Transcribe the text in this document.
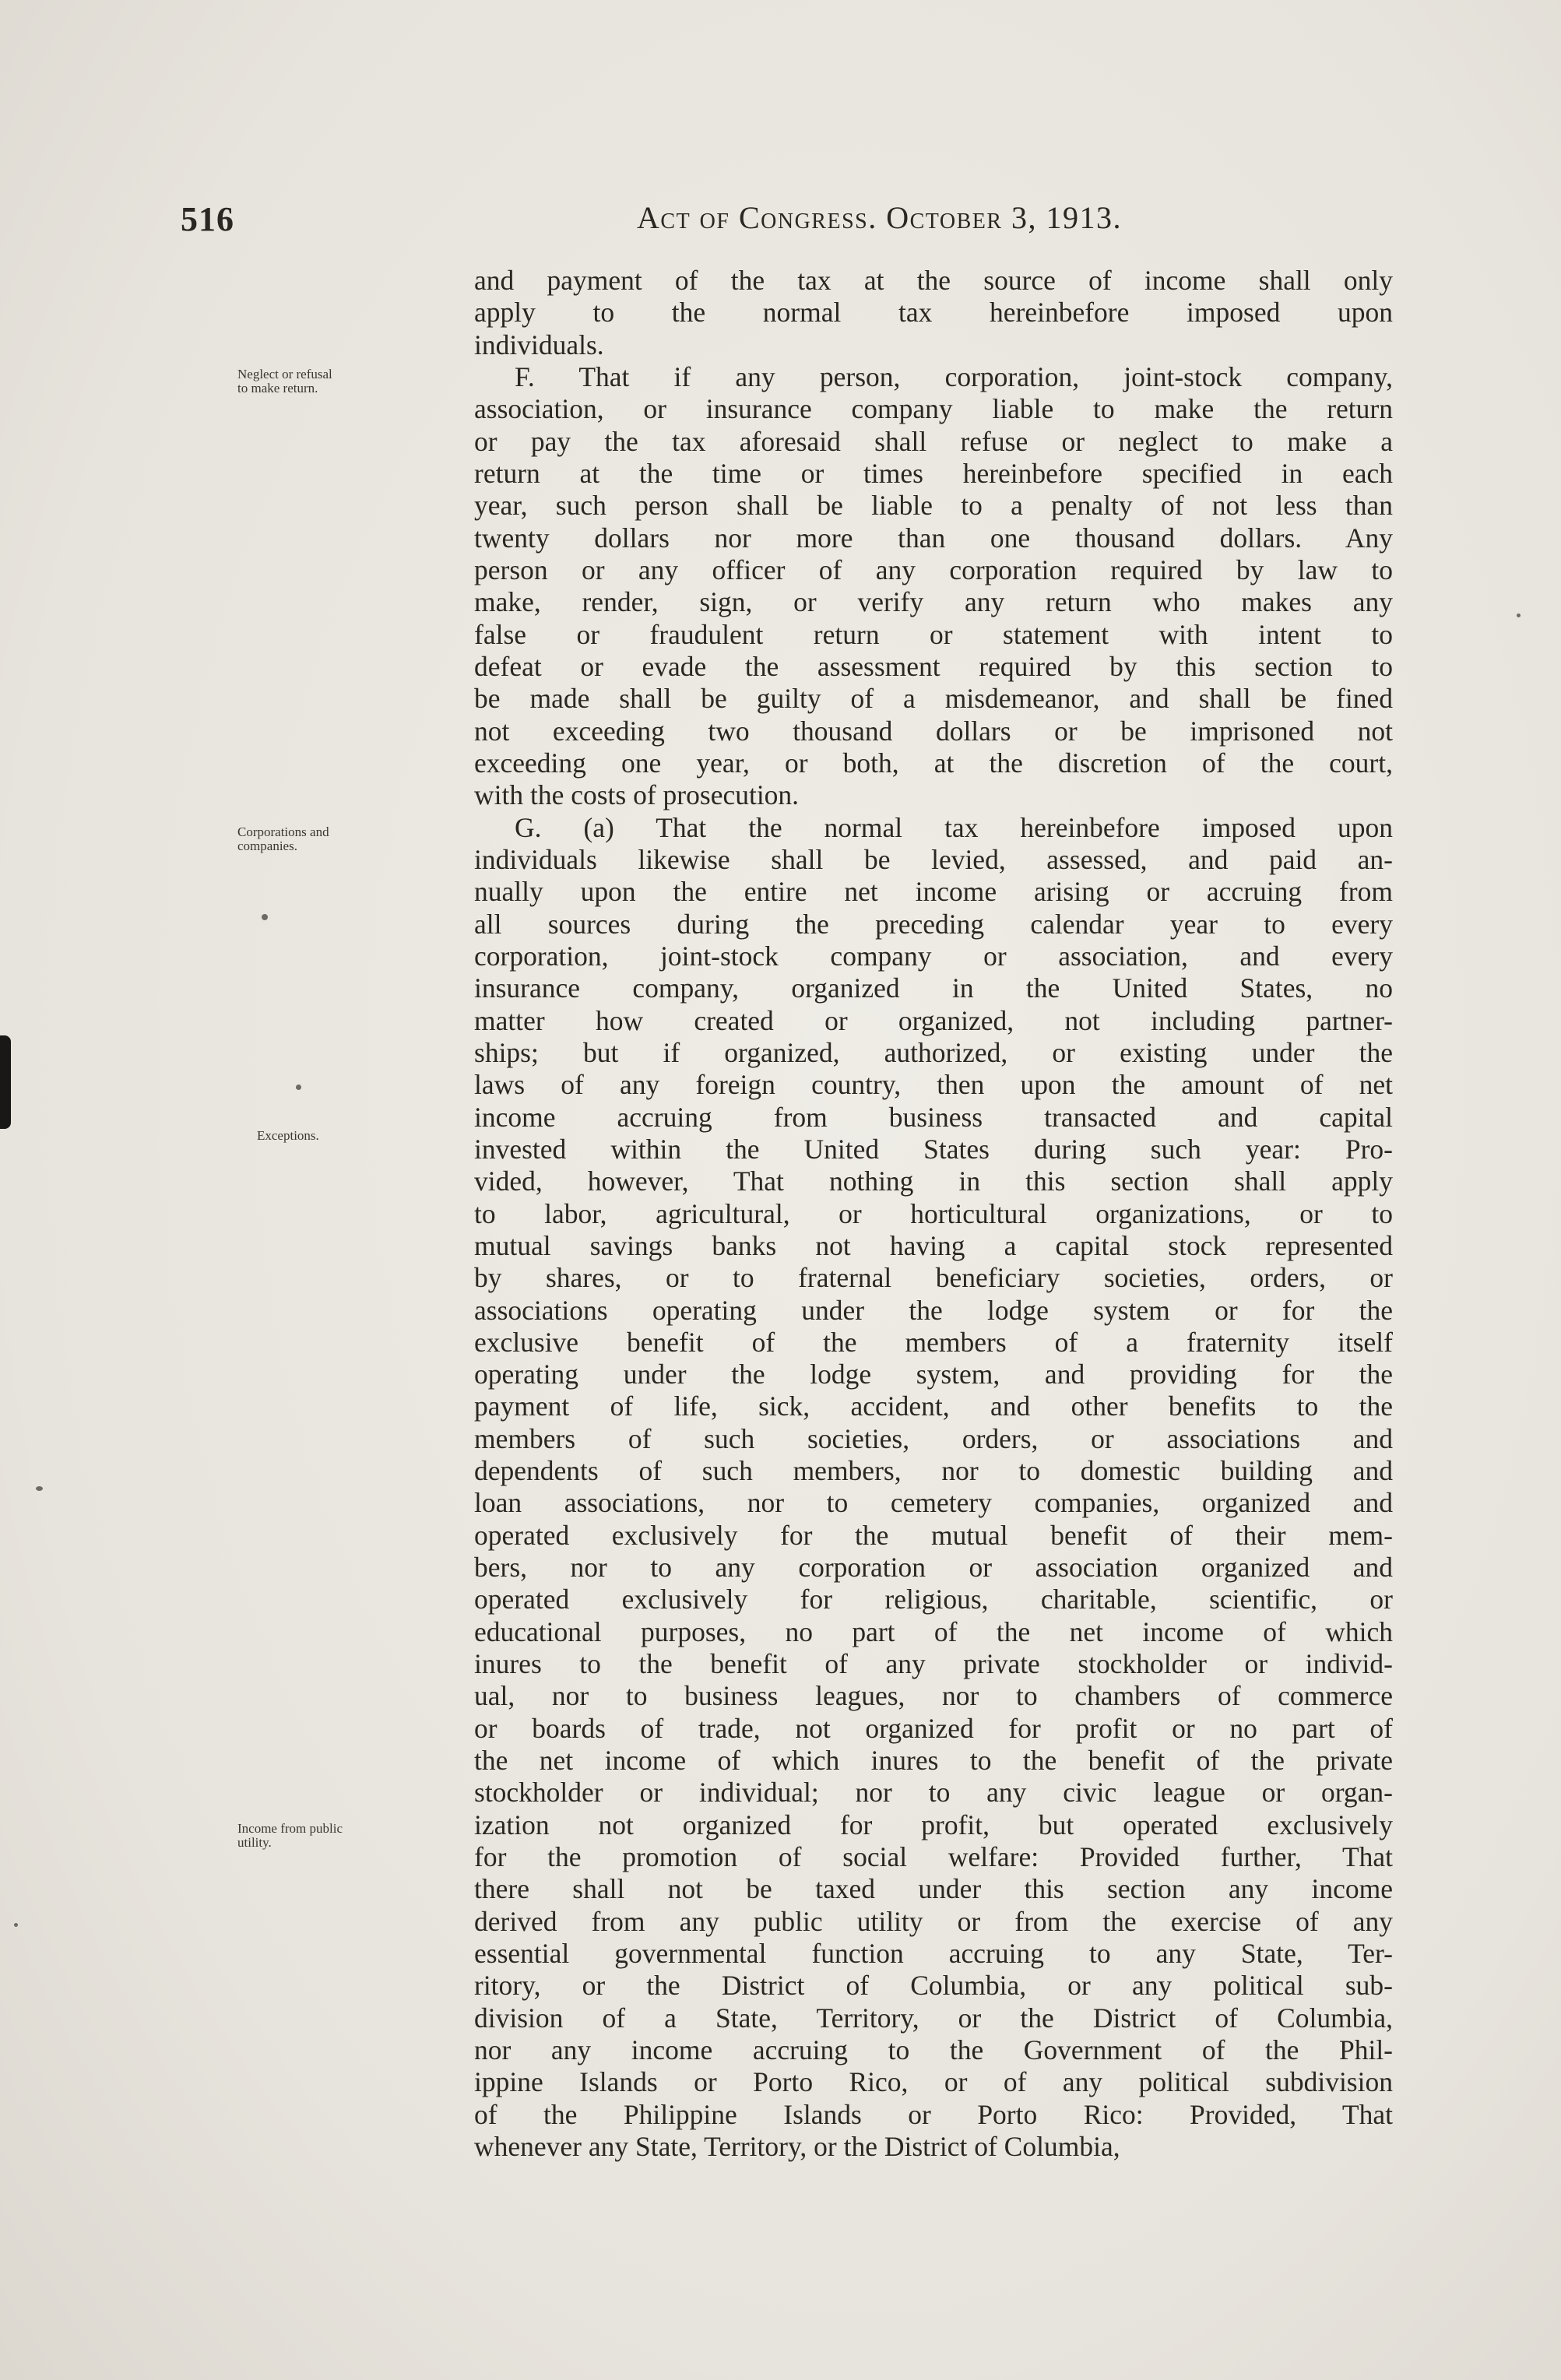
516	Act of Congress. October 3, 1913.
Neglect or refusal
to make return.
Corporations and
companies.
Exceptions.
Income from public
utility.
and payment of the tax at the source of income shall only
apply to the normal tax hereinbefore imposed upon
individuals.
F. That if any person, corporation, joint-stock company,
association, or insurance company liable to make the return
or pay the tax aforesaid shall refuse or neglect to make a
return at the time or times hereinbefore specified in each
year, such person shall be liable to a penalty of not less than
twenty dollars nor more than one thousand dollars. Any
person or any officer of any corporation required by law to
make, render, sign, or verify any return who makes any
false or fraudulent return or statement with intent to
defeat or evade the assessment required by this section to
be made shall be guilty of a misdemeanor, and shall be fined
not exceeding two thousand dollars or be imprisoned not
exceeding one year, or both, at the discretion of the court,
with the costs of prosecution.
G. (a) That the normal tax hereinbefore imposed upon
individuals likewise shall be levied, assessed, and paid an-
nually upon the entire net income arising or accruing from
all sources during the preceding calendar year to every
corporation, joint-stock company or association, and every
insurance company, organized in the United States, no
matter how created or organized, not including partner-
ships; but if organized, authorized, or existing under the
laws of any foreign country, then upon the amount of net
income accruing from business transacted and capital
invested within the United States during such year: Pro-
vided, however, That nothing in this section shall apply
to labor, agricultural, or horticultural organizations, or to
mutual savings banks not having a capital stock represented
by shares, or to fraternal beneficiary societies, orders, or
associations operating under the lodge system or for the
exclusive benefit of the members of a fraternity itself
operating under the lodge system, and providing for the
payment of life, sick, accident, and other benefits to the
members of such societies, orders, or associations and
dependents of such members, nor to domestic building and
loan associations, nor to cemetery companies, organized and
operated exclusively for the mutual benefit of their mem-
bers, nor to any corporation or association organized and
operated exclusively for religious, charitable, scientific, or
educational purposes, no part of the net income of which
inures to the benefit of any private stockholder or individ-
ual, nor to business leagues, nor to chambers of commerce
or boards of trade, not organized for profit or no part of
the net income of which inures to the benefit of the private
stockholder or individual; nor to any civic league or organ-
ization not organized for profit, but operated exclusively
for the promotion of social welfare: Provided further, That
there shall not be taxed under this section any income
derived from any public utility or from the exercise of any
essential governmental function accruing to any State, Ter-
ritory, or the District of Columbia, or any political sub-
division of a State, Territory, or the District of Columbia,
nor any income accruing to the Government of the Phil-
ippine Islands or Porto Rico, or of any political subdivision
of the Philippine Islands or Porto Rico: Provided, That
whenever any State, Territory, or the District of Columbia,
